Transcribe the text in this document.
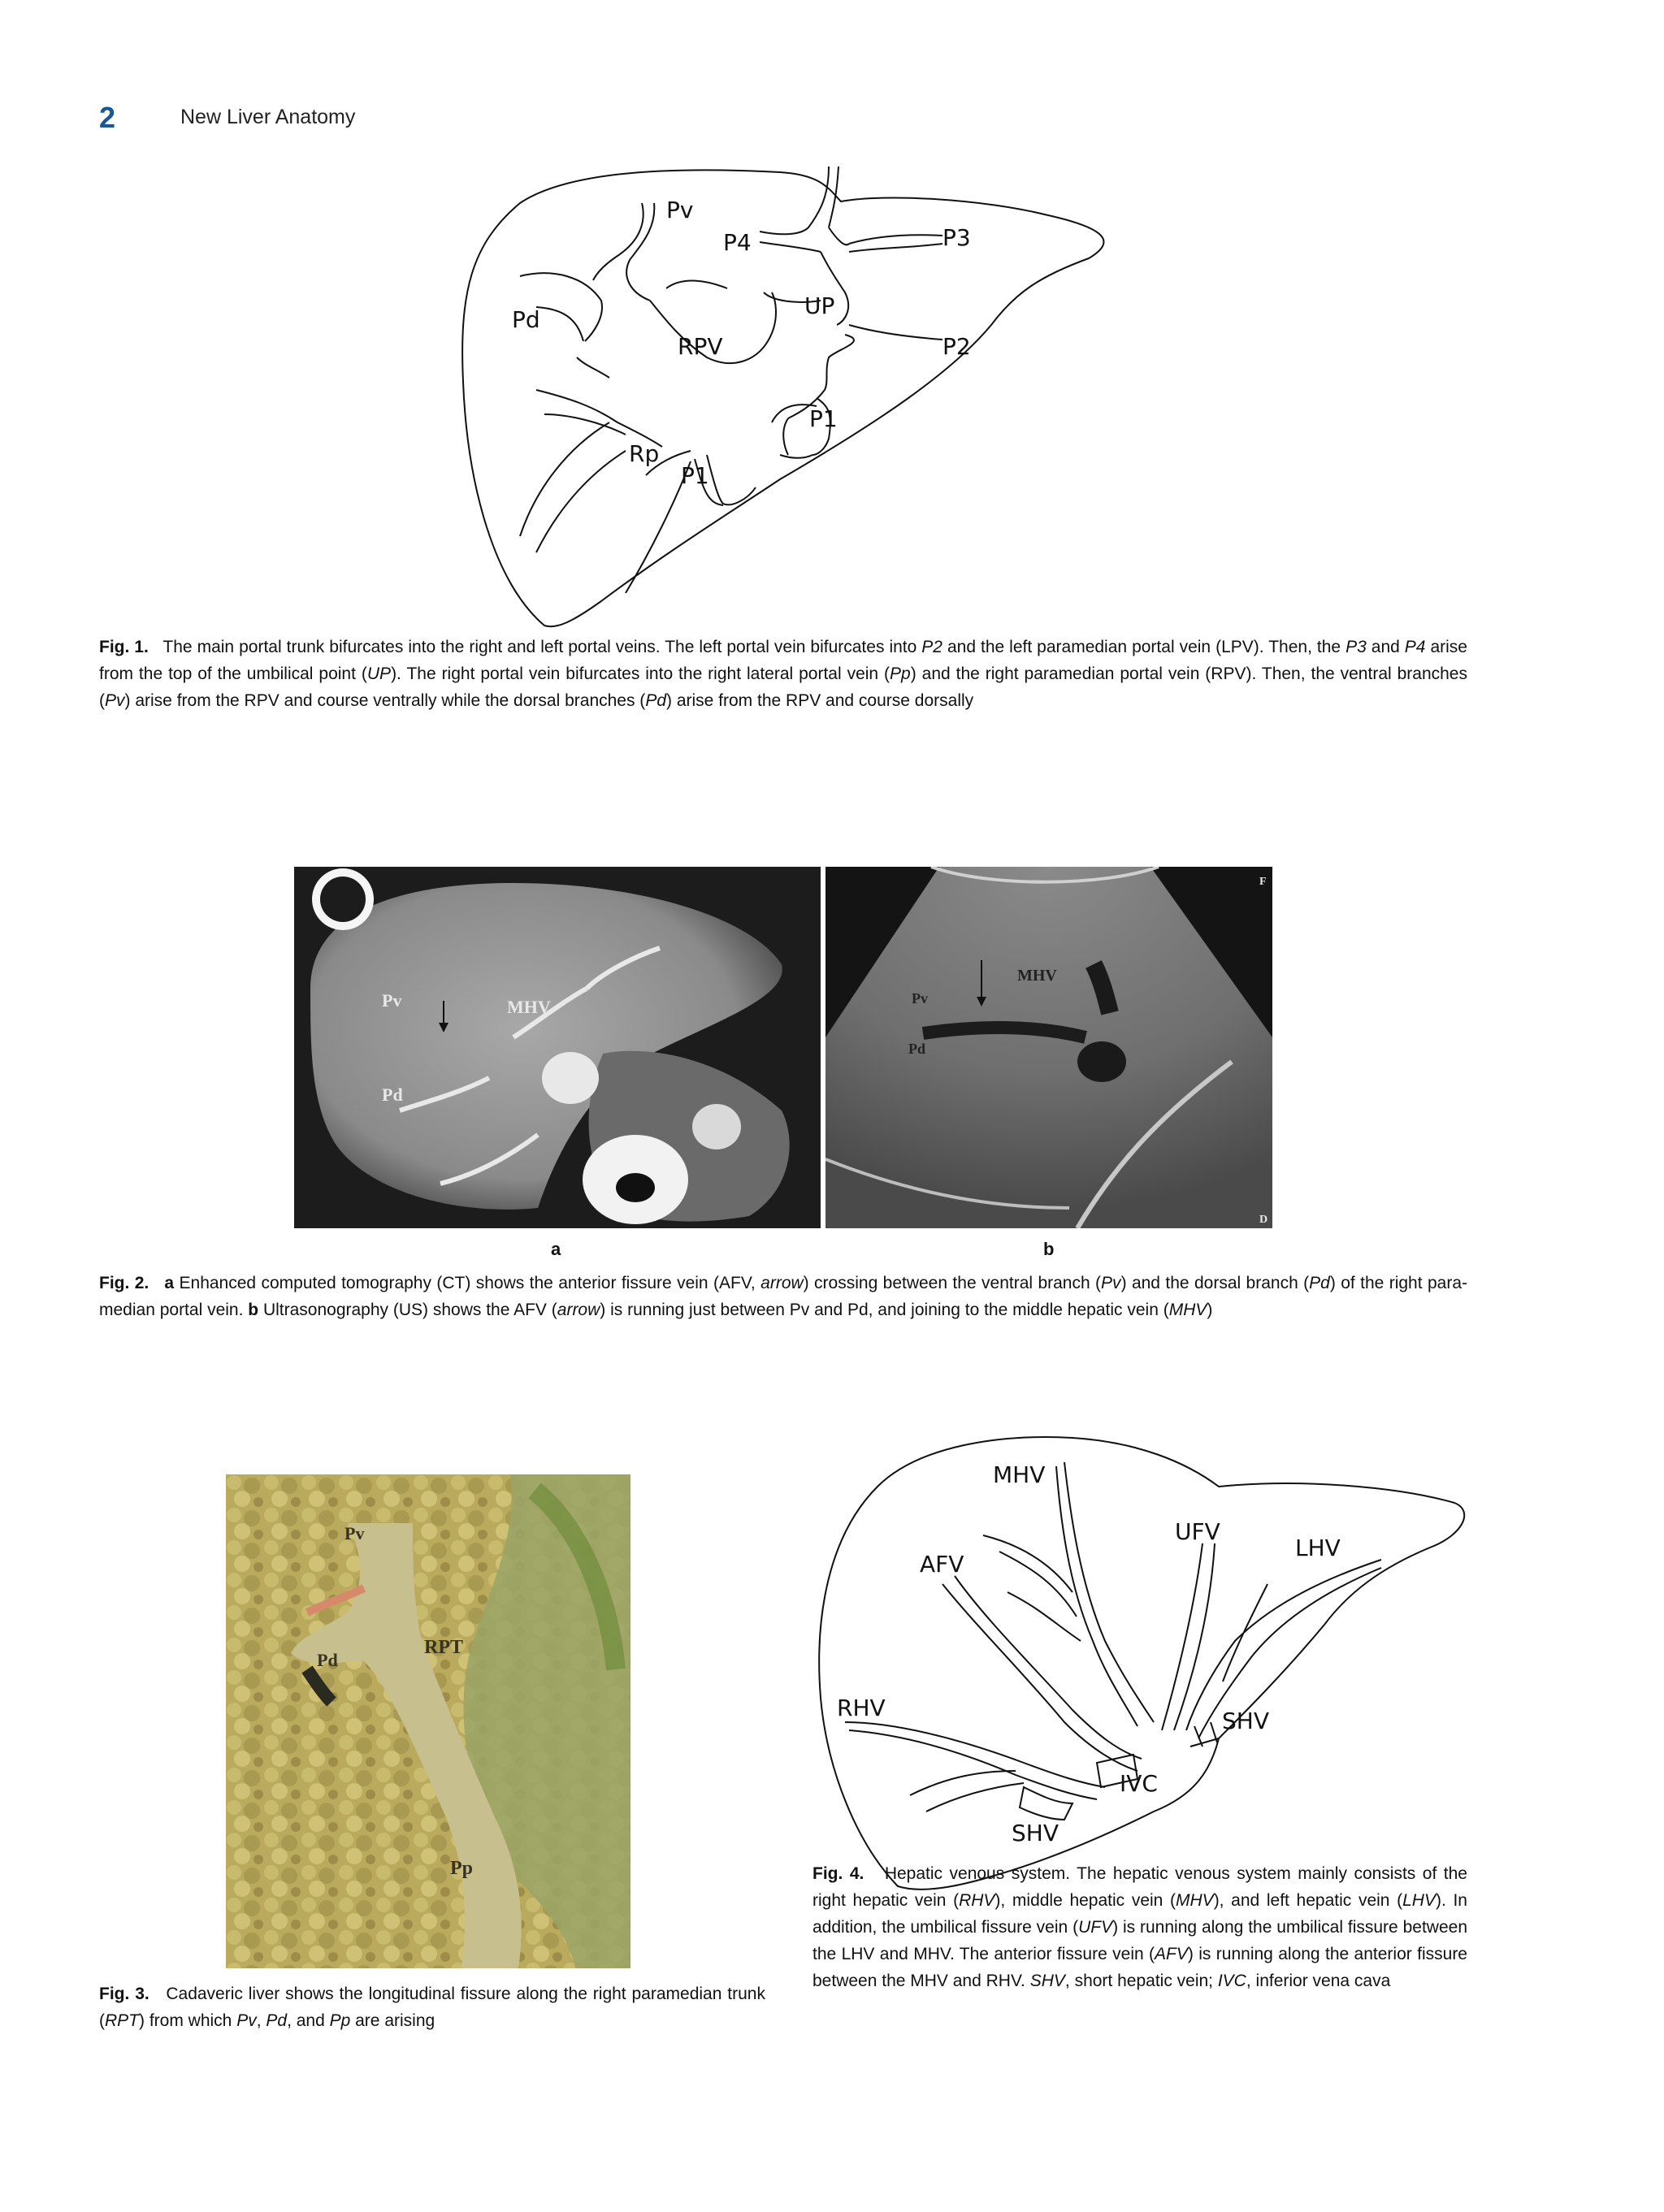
2	New Liver Anatomy
Pv
P4	P3
Pd
UP
RPV	P2
P1
Rp
P1
Fig. 1. The main portal trunk bifurcates into the right and left portal veins. The left portal vein bifurcates into P2 and the left paramedian portal vein (LPV). Then, the P3 and P4 arise from the top of the umbilical point (UP). The right portal vein bifurcates into the right lateral portal vein (Pp) and the right paramedian portal vein (RPV). Then, the ventral branches (Pv) arise from the RPV and course ventrally while the dorsal branches (Pd) arise from the RPV and course dorsally
Pv	MHV
Pd
a
Pv
MHV
Pd
F
D
b
Fig. 2. a Enhanced computed tomography (CT) shows the anterior fissure vein (AFV, arrow) crossing between the ventral branch (Pv) and the dorsal branch (Pd) of the right para-median portal vein. b Ultrasonography (US) shows the AFV (arrow) is running just between Pv and Pd, and joining to the middle hepatic vein (MHV)
Pv
Pd
RPT
Pp
Fig. 3. Cadaveric liver shows the longitudinal fissure along the right paramedian trunk (RPT) from which Pv, Pd, and Pp are arising
MHV
UFV
LHV
AFV
RHV	SHV
IVC
SHV
Fig. 4. Hepatic venous system. The hepatic venous system mainly consists of the right hepatic vein (RHV), middle hepatic vein (MHV), and left hepatic vein (LHV). In addition, the umbilical fissure vein (UFV) is running along the umbilical fissure between the LHV and MHV. The anterior fissure vein (AFV) is running along the anterior fissure between the MHV and RHV. SHV, short hepatic vein; IVC, inferior vena cava
